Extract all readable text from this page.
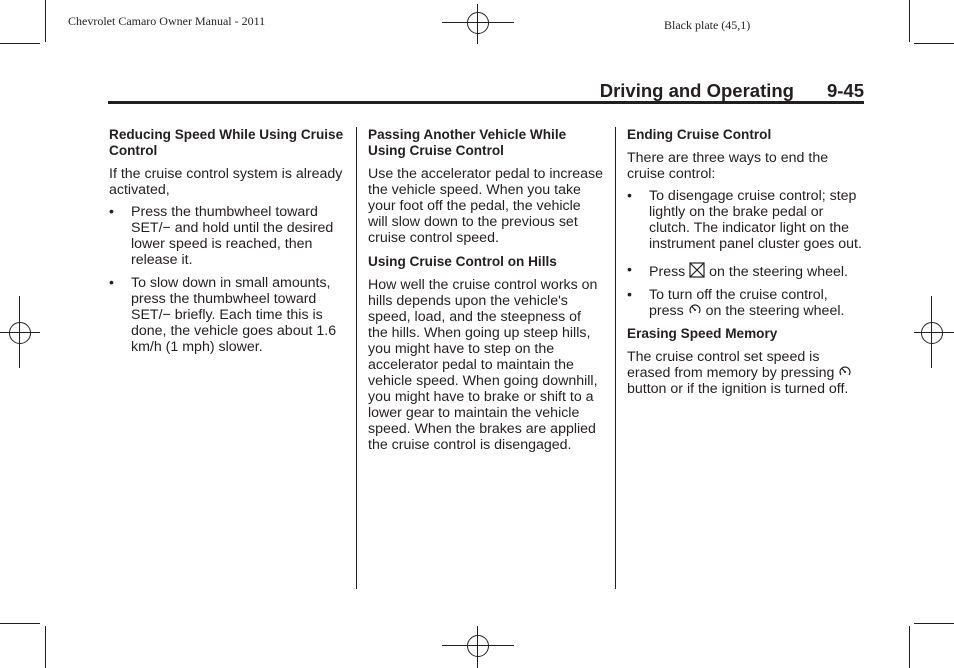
Chevrolet Camaro Owner Manual - 2011	Black plate (45,1)
Driving and Operating 9-45
Reducing Speed While Using Cruise Control

If the cruise control system is already activated,

• Press the thumbwheel toward SET/− and hold until the desired lower speed is reached, then release it.
• To slow down in small amounts, press the thumbwheel toward SET/− briefly. Each time this is done, the vehicle goes about 1.6 km/h (1 mph) slower.
Passing Another Vehicle While Using Cruise Control

Use the accelerator pedal to increase the vehicle speed. When you take your foot off the pedal, the vehicle will slow down to the previous set cruise control speed.

Using Cruise Control on Hills

How well the cruise control works on hills depends upon the vehicle's speed, load, and the steepness of the hills. When going up steep hills, you might have to step on the accelerator pedal to maintain the vehicle speed. When going downhill, you might have to brake or shift to a lower gear to maintain the vehicle speed. When the brakes are applied the cruise control is disengaged.

Ending Cruise Control

There are three ways to end the cruise control:

• To disengage cruise control; step lightly on the brake pedal or clutch. The indicator light on the instrument panel cluster goes out.
• Press on the steering wheel.
• To turn off the cruise control,
press on the steering wheel.
Erasing Speed Memory

The cruise control set speed is
erased from memory by pressing
button or if the ignition is turned off.
